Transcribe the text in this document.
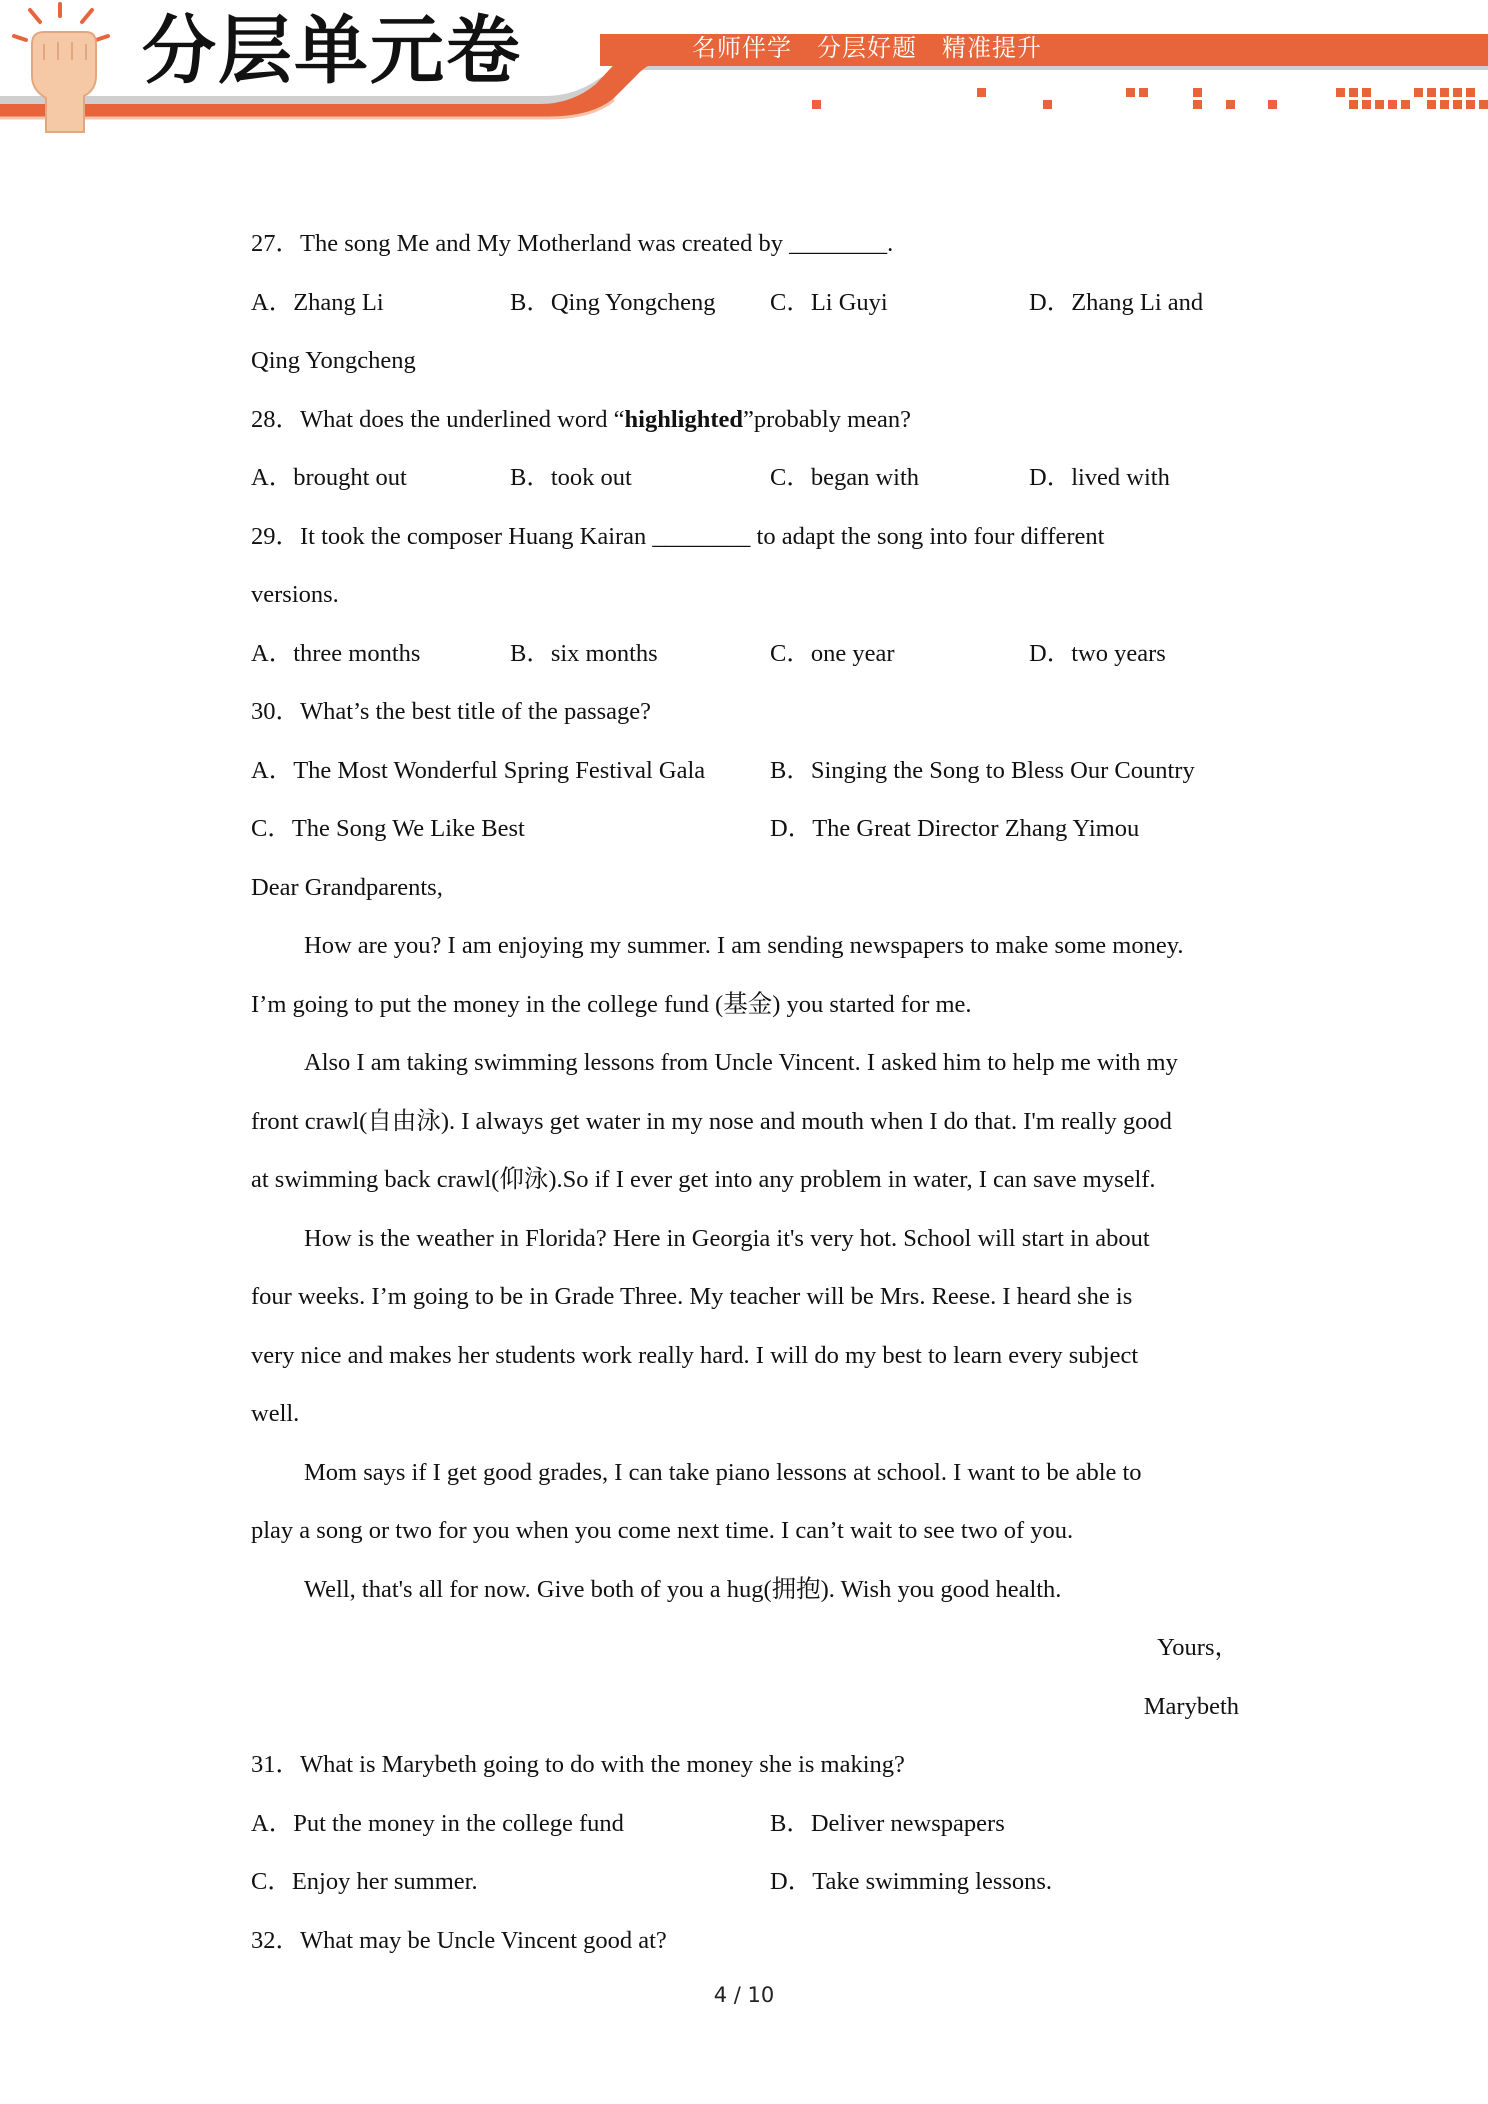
分层单元卷	名师伴学　分层好题　精准提升
27．The song Me and My Motherland was created by ________.
A．Zhang Li	B．Qing Yongcheng C．Li Guyi	D．Zhang Li and
Qing Yongcheng
28．What does the underlined word “highlighted”probably mean?
A．brought out	B．took out	C．began with	D．lived with
29．It took the composer Huang Kairan ________ to adapt the song into four different
versions.
A．three months	B．six months	C．one year	D．two years
30．What’s the best title of the passage?
A．The Most Wonderful Spring Festival Gala	B．Singing the Song to Bless Our Country
C．The Song We Like Best	D．The Great Director Zhang Yimou
Dear Grandparents,
How are you? I am enjoying my summer. I am sending newspapers to make some money.
I’m going to put the money in the college fund (基金) you started for me.
Also I am taking swimming lessons from Uncle Vincent. I asked him to help me with my
front crawl(自由泳). I always get water in my nose and mouth when I do that. I'm really good
at swimming back crawl(仰泳).So if I ever get into any problem in water, I can save myself.
How is the weather in Florida? Here in Georgia it's very hot. School will start in about
four weeks. I’m going to be in Grade Three. My teacher will be Mrs. Reese. I heard she is
very nice and makes her students work really hard. I will do my best to learn every subject
well.
Mom says if I get good grades, I can take piano lessons at school. I want to be able to
play a song or two for you when you come next time. I can’t wait to see two of you.
Well, that's all for now. Give both of you a hug(拥抱). Wish you good health.
Yours，
Marybeth
31．What is Marybeth going to do with the money she is making?
A．Put the money in the college fund	B．Deliver newspapers
C．Enjoy her summer.	D．Take swimming lessons.
32．What may be Uncle Vincent good at?
4 / 10
